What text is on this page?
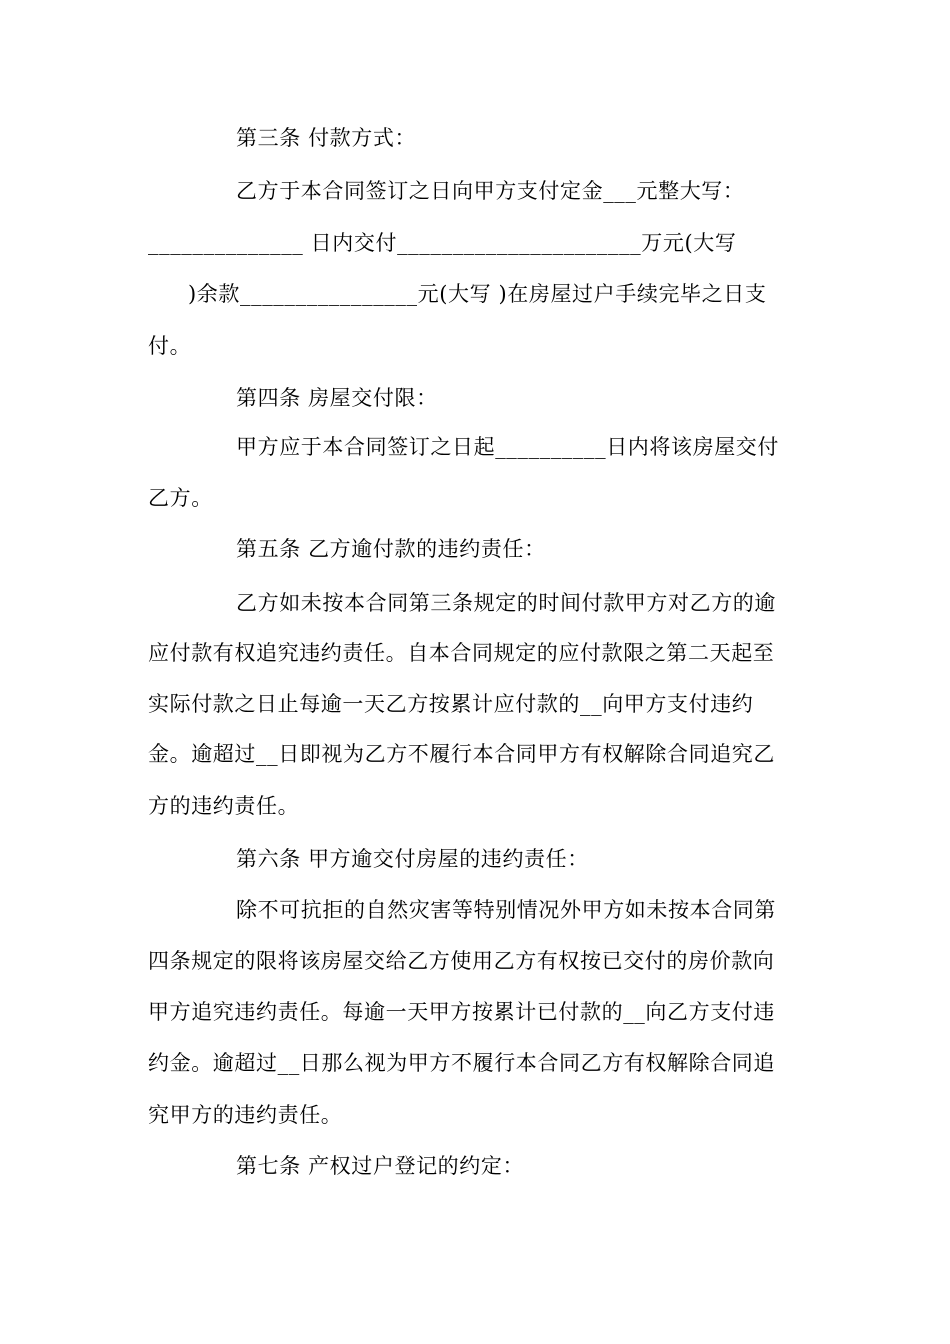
第三条 付款方式：
乙方于本合同签订之日向甲方支付定金___元整大写：
______________ 日内交付______________________万元(大写
)余款________________元(大写 )在房屋过户手续完毕之日支
付。
第四条 房屋交付限：
甲方应于本合同签订之日起__________日内将该房屋交付
乙方。
第五条 乙方逾付款的违约责任：
乙方如未按本合同第三条规定的时间付款甲方对乙方的逾
应付款有权追究违约责任。自本合同规定的应付款限之第二天起至
实际付款之日止每逾一天乙方按累计应付款的__向甲方支付违约
金。逾超过__日即视为乙方不履行本合同甲方有权解除合同追究乙
方的违约责任。
第六条 甲方逾交付房屋的违约责任：
除不可抗拒的自然灾害等特别情况外甲方如未按本合同第
四条规定的限将该房屋交给乙方使用乙方有权按已交付的房价款向
甲方追究违约责任。每逾一天甲方按累计已付款的__向乙方支付违
约金。逾超过__日那么视为甲方不履行本合同乙方有权解除合同追
究甲方的违约责任。
第七条 产权过户登记的约定：
